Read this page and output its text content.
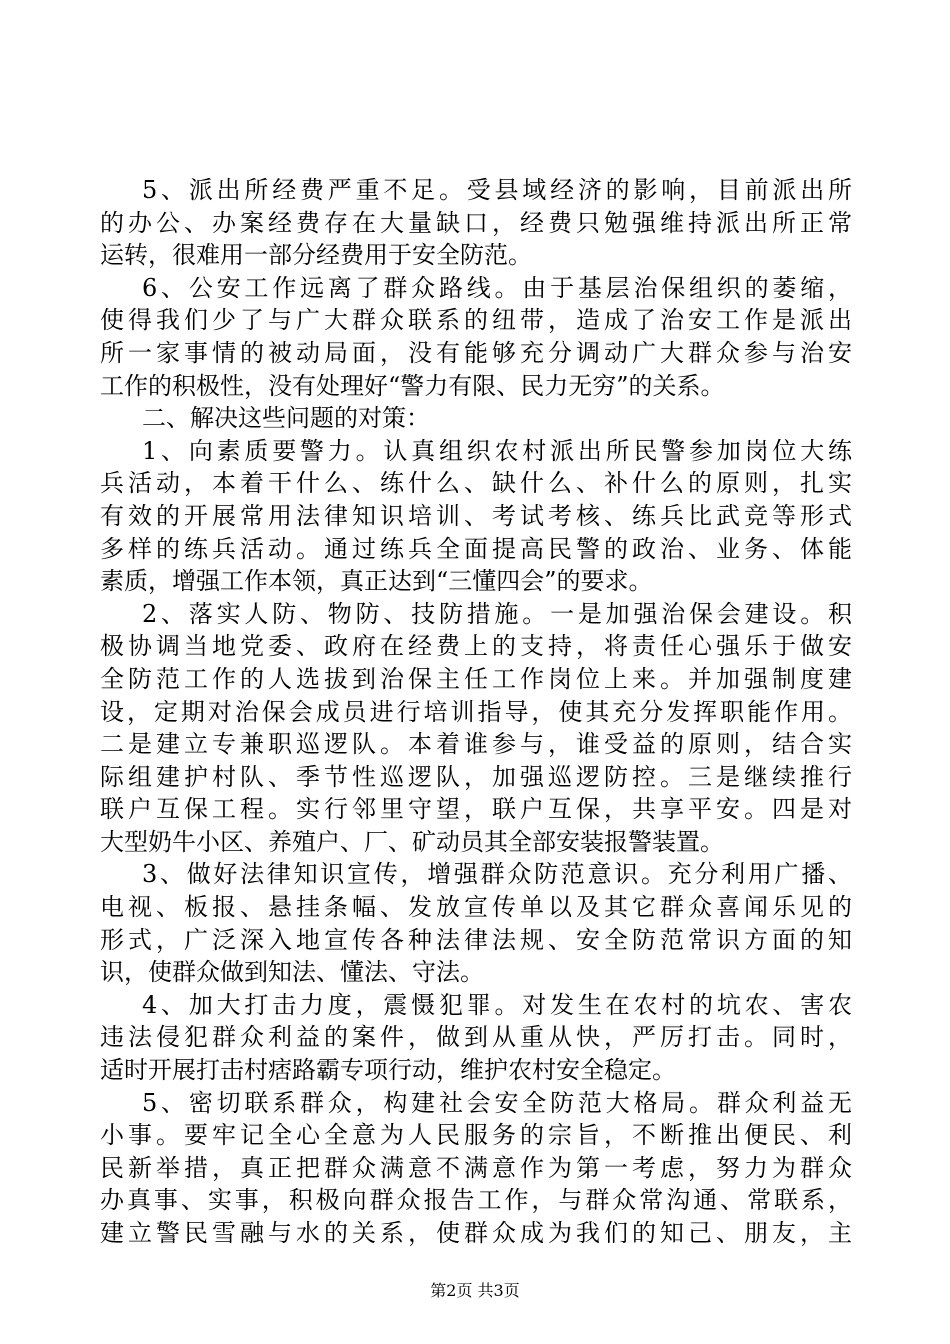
5、派出所经费严重不足。受县域经济的影响，目前派出所
的办公、办案经费存在大量缺口，经费只勉强维持派出所正常
运转，很难用一部分经费用于安全防范。
6、公安工作远离了群众路线。由于基层治保组织的萎缩，
使得我们少了与广大群众联系的纽带，造成了治安工作是派出
所一家事情的被动局面，没有能够充分调动广大群众参与治安
工作的积极性，没有处理好“警力有限、民力无穷”的关系。
二、解决这些问题的对策：
1、向素质要警力。认真组织农村派出所民警参加岗位大练
兵活动，本着干什么、练什么、缺什么、补什么的原则，扎实
有效的开展常用法律知识培训、考试考核、练兵比武竞等形式
多样的练兵活动。通过练兵全面提高民警的政治、业务、体能
素质，增强工作本领，真正达到“三懂四会”的要求。
2、落实人防、物防、技防措施。一是加强治保会建设。积
极协调当地党委、政府在经费上的支持，将责任心强乐于做安
全防范工作的人选拔到治保主任工作岗位上来。并加强制度建
设，定期对治保会成员进行培训指导，使其充分发挥职能作用。
二是建立专兼职巡逻队。本着谁参与，谁受益的原则，结合实
际组建护村队、季节性巡逻队，加强巡逻防控。三是继续推行
联户互保工程。实行邻里守望，联户互保，共享平安。四是对
大型奶牛小区、养殖户、厂、矿动员其全部安装报警装置。
3、做好法律知识宣传，增强群众防范意识。充分利用广播、
电视、板报、悬挂条幅、发放宣传单以及其它群众喜闻乐见的
形式，广泛深入地宣传各种法律法规、安全防范常识方面的知
识，使群众做到知法、懂法、守法。
4、加大打击力度，震慑犯罪。对发生在农村的坑农、害农
违法侵犯群众利益的案件，做到从重从快，严厉打击。同时，
适时开展打击村痞路霸专项行动，维护农村安全稳定。
5、密切联系群众，构建社会安全防范大格局。群众利益无
小事。要牢记全心全意为人民服务的宗旨，不断推出便民、利
民新举措，真正把群众满意不满意作为第一考虑，努力为群众
办真事、实事，积极向群众报告工作，与群众常沟通、常联系，
建立警民雪融与水的关系，使群众成为我们的知己、朋友，主
第2页 共3页
